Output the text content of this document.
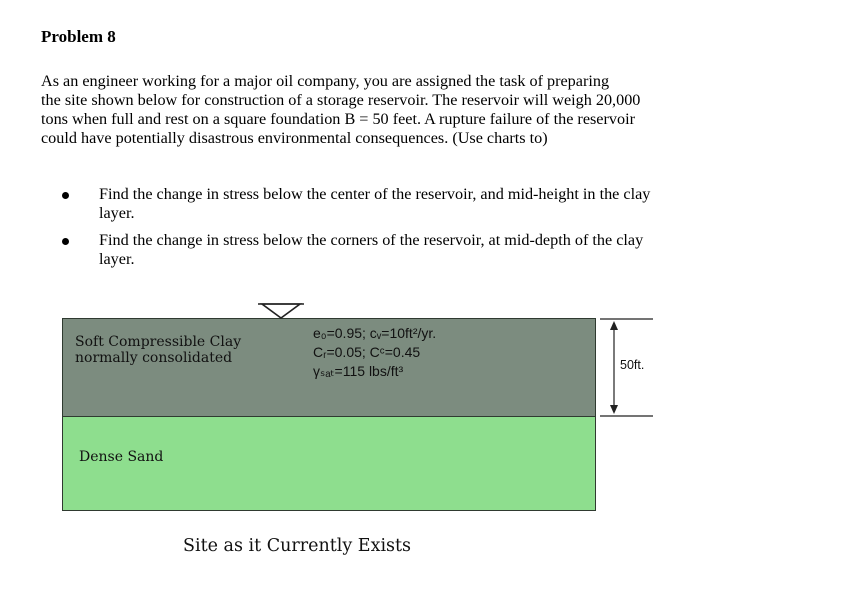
Problem 8
As an engineer working for a major oil company, you are assigned the task of preparing
the site shown below for construction of a storage reservoir. The reservoir will weigh 20,000
tons when full and rest on a square foundation B = 50 feet. A rupture failure of the reservoir
could have potentially disastrous environmental consequences. (Use charts to)
Find the change in stress below the center of the reservoir, and mid-height in the clay
layer.
Find the change in stress below the corners of the reservoir, at mid-depth of the clay
layer.
Soft Compressible Clay
normally consolidated
e₀=0.95; cᵥ=10ft²/yr.
Cᵣ=0.05; Cᶜ=0.45
γₛₐₜ=115 lbs/ft³	50ft.
Dense Sand
Site as it Currently Exists
